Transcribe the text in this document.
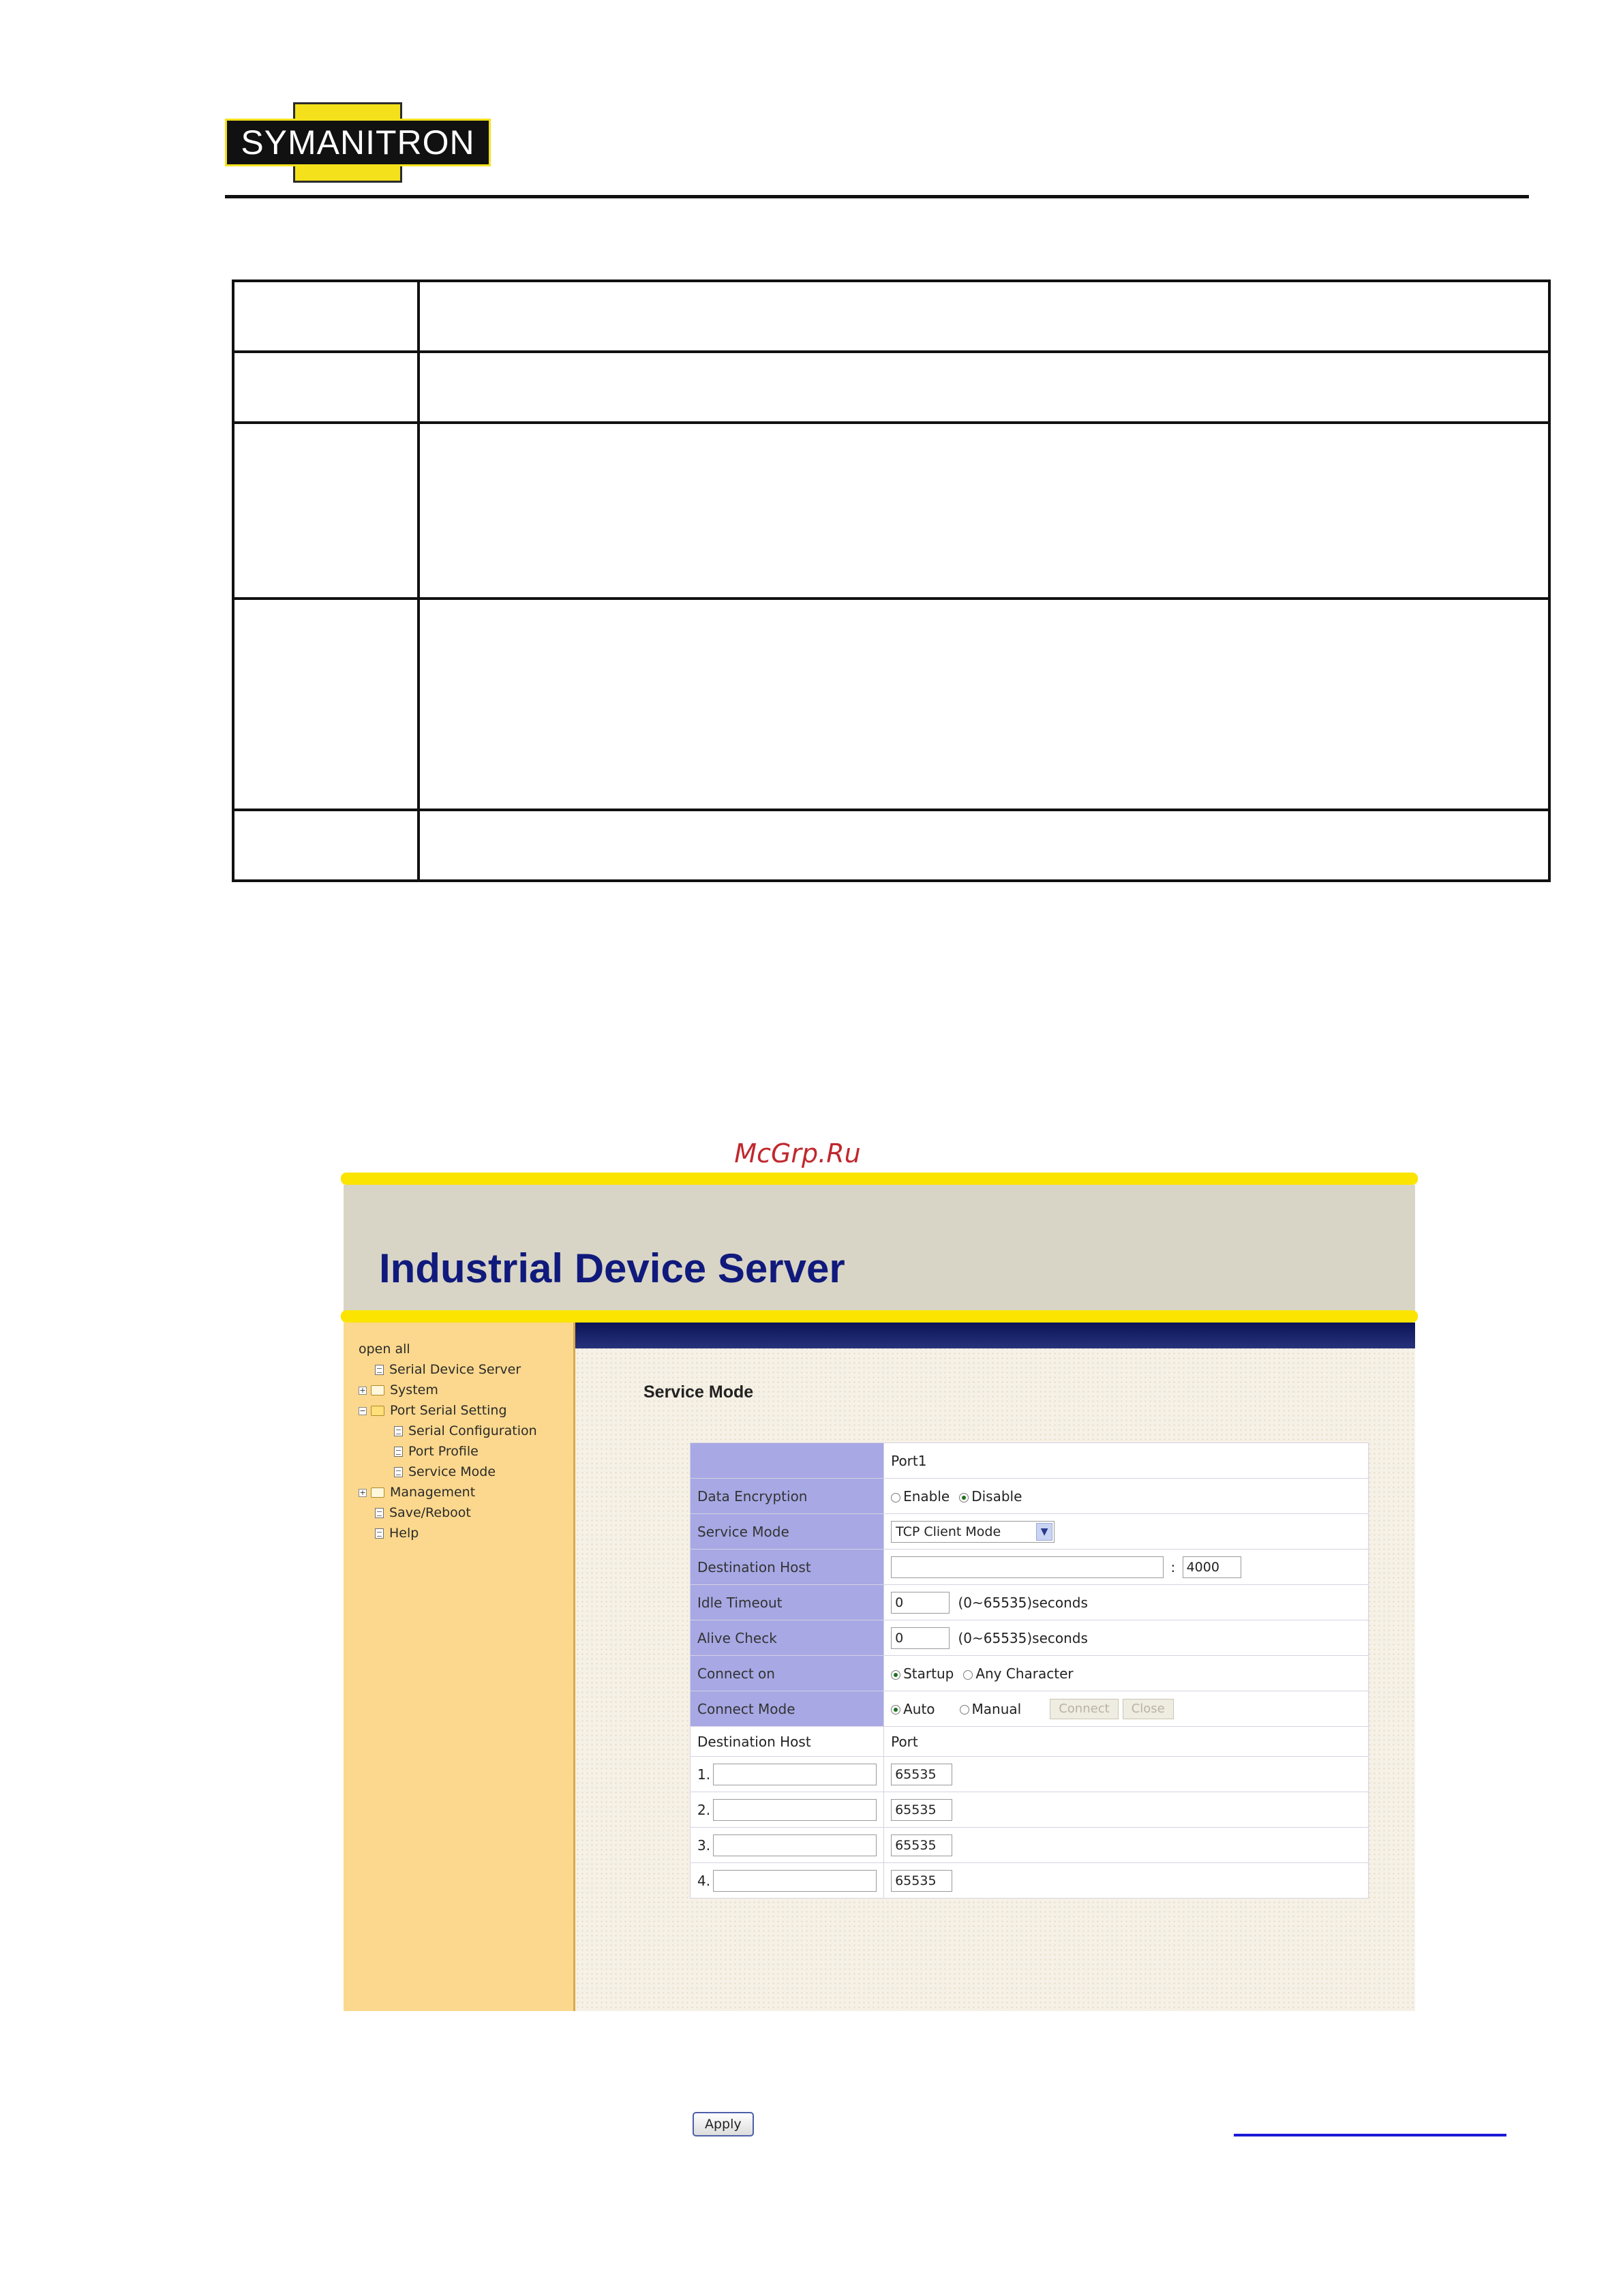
SYMANITRON

McGrp.Ru
Industrial Device Server
open all
Serial Device Server
+ System
− Port Serial Setting
Serial Configuration
Port Profile
Service Mode
+ Management
Save/Reboot
Help
Service Mode
	Port1
Data Encryption	Enable Disable
Service Mode	TCP Client Mode ▼

Destination Host	: 4000
Idle Timeout	0 (0~65535)seconds
Alive Check	0 (0~65535)seconds
Connect on	Startup Any Character
Connect Mode	Auto Manual Connect Close
Destination Host	Port
1.	65535
2.	65535
3.	65535
4.	65535
Apply
